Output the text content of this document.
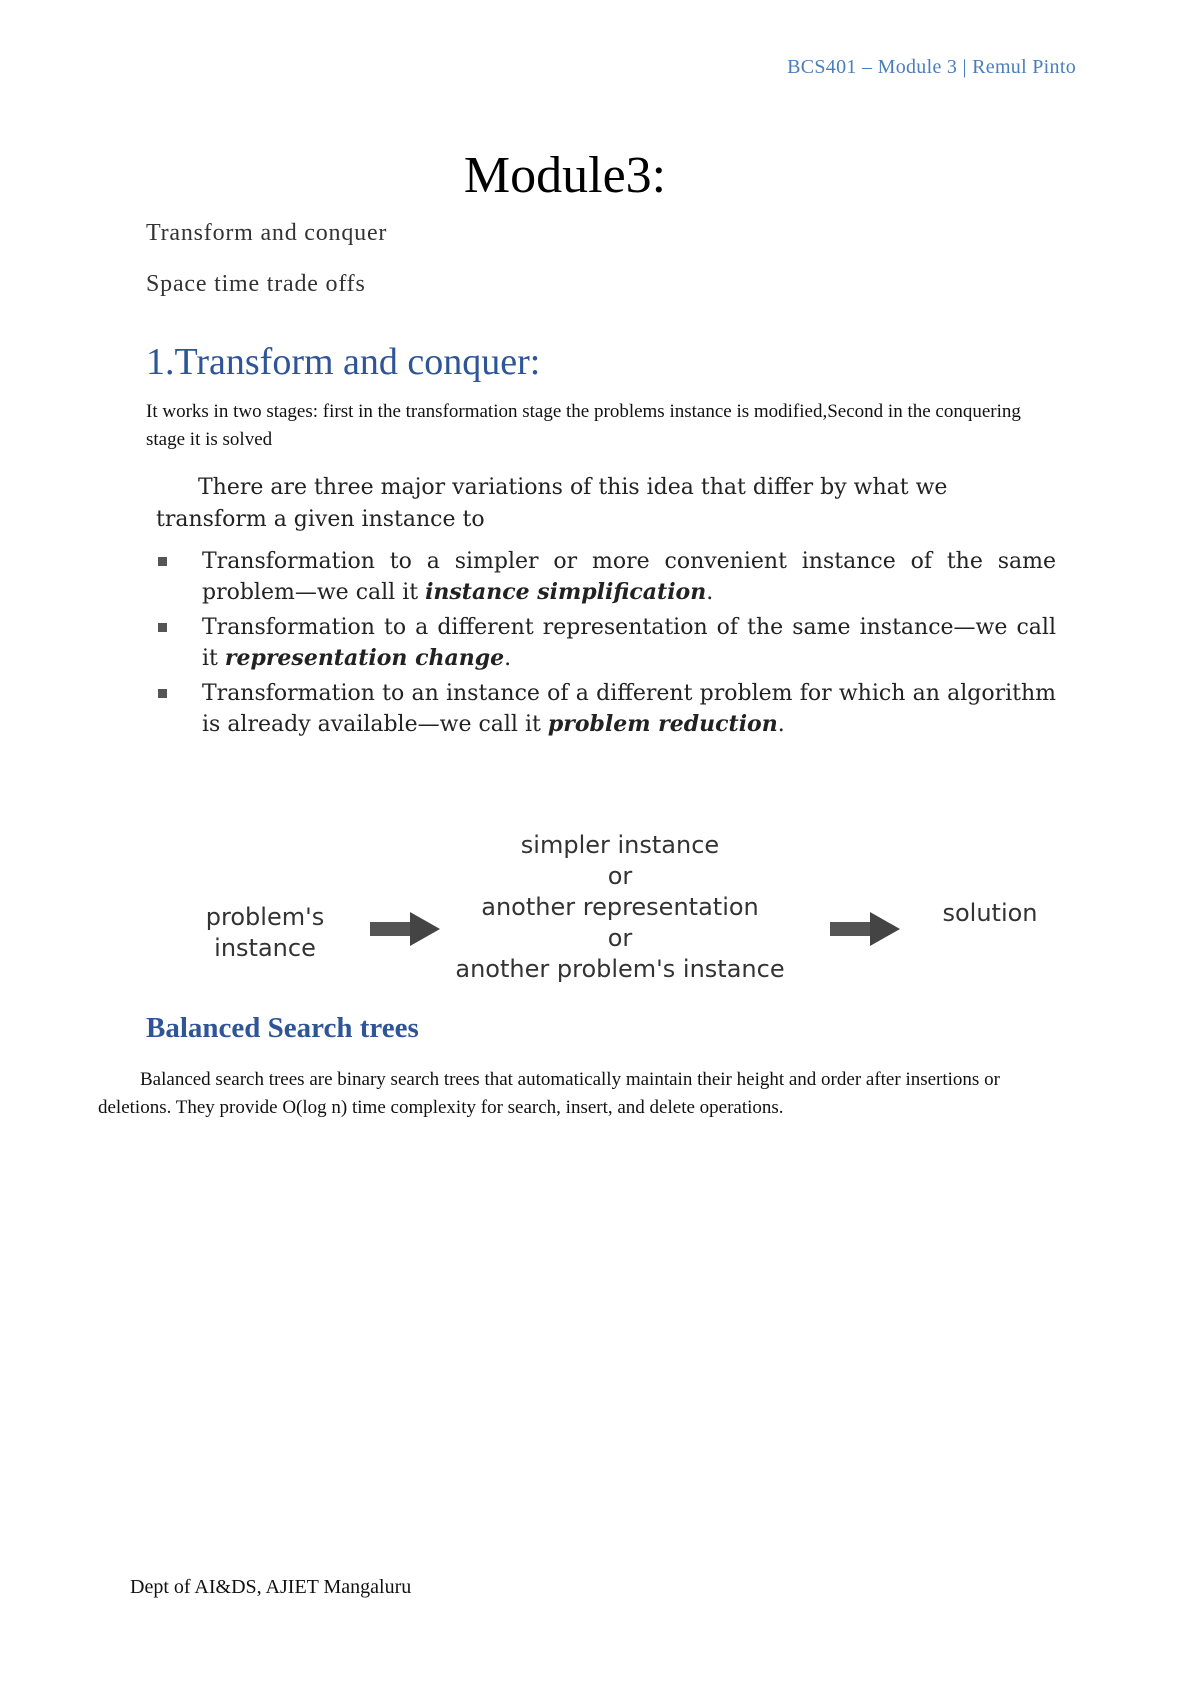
BCS401 – Module 3 | Remul Pinto
Module3:

Transform and conquer

Space time trade offs

1.Transform and conquer:

It works in two stages: first in the transformation stage the problems instance is modified,Second in the conquering stage it is solved

There are three major variations of this idea that differ by what we transform a given instance to

Transformation to a simpler or more convenient instance of the same problem—we call it instance simplification.
Transformation to a different representation of the same instance—we call it representation change.
Transformation to an instance of a different problem for which an algorithm is already available—we call it problem reduction.
problem's
instance
simpler instance
or
another representation
or
another problem's instance
solution
Balanced Search trees

Balanced search trees are binary search trees that automatically maintain their height and order after insertions or deletions. They provide O(log n) time complexity for search, insert, and delete operations.

Dept of AI&DS, AJIET Mangaluru
